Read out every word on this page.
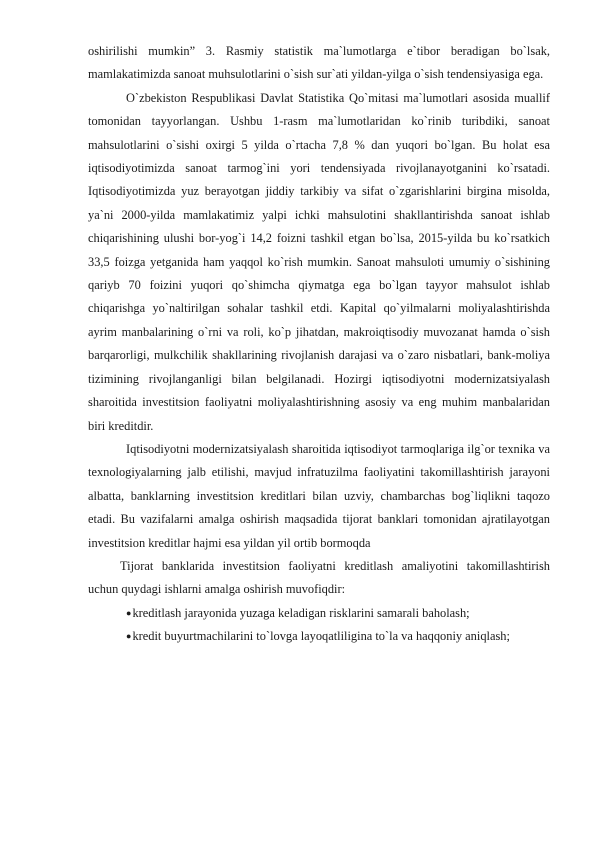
oshirilishi mumkin” 3. Rasmiy statistik ma`lumotlarga e`tibor beradigan bo`lsak, mamlakatimizda sanoat muhsulotlarini o`sish sur`ati yildan-yilga o`sish tendensiyasiga ega.

O`zbekiston Respublikasi Davlat Statistika Qo`mitasi ma`lumotlari asosida muallif tomonidan tayyorlangan. Ushbu 1-rasm ma`lumotlaridan ko`rinib turibdiki, sanoat mahsulotlarini o`sishi oxirgi 5 yilda o`rtacha 7,8 % dan yuqori bo`lgan. Bu holat esa iqtisodiyotimizda sanoat tarmog`ini yori tendensiyada rivojlanayotganini ko`rsatadi. Iqtisodiyotimizda yuz berayotgan jiddiy tarkibiy va sifat o`zgarishlarini birgina misolda, ya`ni 2000-yilda mamlakatimiz yalpi ichki mahsulotini shakllantirishda sanoat ishlab chiqarishining ulushi bor-yog`i 14,2 foizni tashkil etgan bo`lsa, 2015-yilda bu ko`rsatkich 33,5 foizga yetganida ham yaqqol ko`rish mumkin. Sanoat mahsuloti umumiy o`sishining qariyb 70 foizini yuqori qo`shimcha qiymatga ega bo`lgan tayyor mahsulot ishlab chiqarishga yo`naltirilgan sohalar tashkil etdi. Kapital qo`yilmalarni moliyalashtirishda ayrim manbalarining o`rni va roli, ko`p jihatdan, makroiqtisodiy muvozanat hamda o`sish barqarorligi, mulkchilik shakllarining rivojlanish darajasi va o`zaro nisbatlari, bank-moliya tizimining rivojlanganligi bilan belgilanadi. Hozirgi iqtisodiyotni modernizatsiyalash sharoitida investitsion faoliyatni moliyalashtirishning asosiy va eng muhim manbalaridan biri kreditdir.

Iqtisodiyotni modernizatsiyalash sharoitida iqtisodiyot tarmoqlariga ilg`or texnika va texnologiyalarning jalb etilishi, mavjud infratuzilma faoliyatini takomillashtirish jarayoni albatta, banklarning investitsion kreditlari bilan uzviy, chambarchas bog`liqlikni taqozo etadi. Bu vazifalarni amalga oshirish maqsadida tijorat banklari tomonidan ajratilayotgan investitsion kreditlar hajmi esa yildan yil ortib bormoqda

Tijorat banklarida investitsion faoliyatni kreditlash amaliyotini takomillashtirish uchun quydagi ishlarni amalga oshirish muvofiqdir:

●kreditlash jarayonida yuzaga keladigan risklarini samarali baholash;

●kredit buyurtmachilarini to`lovga layoqatliligina to`la va haqqoniy aniqlash;
